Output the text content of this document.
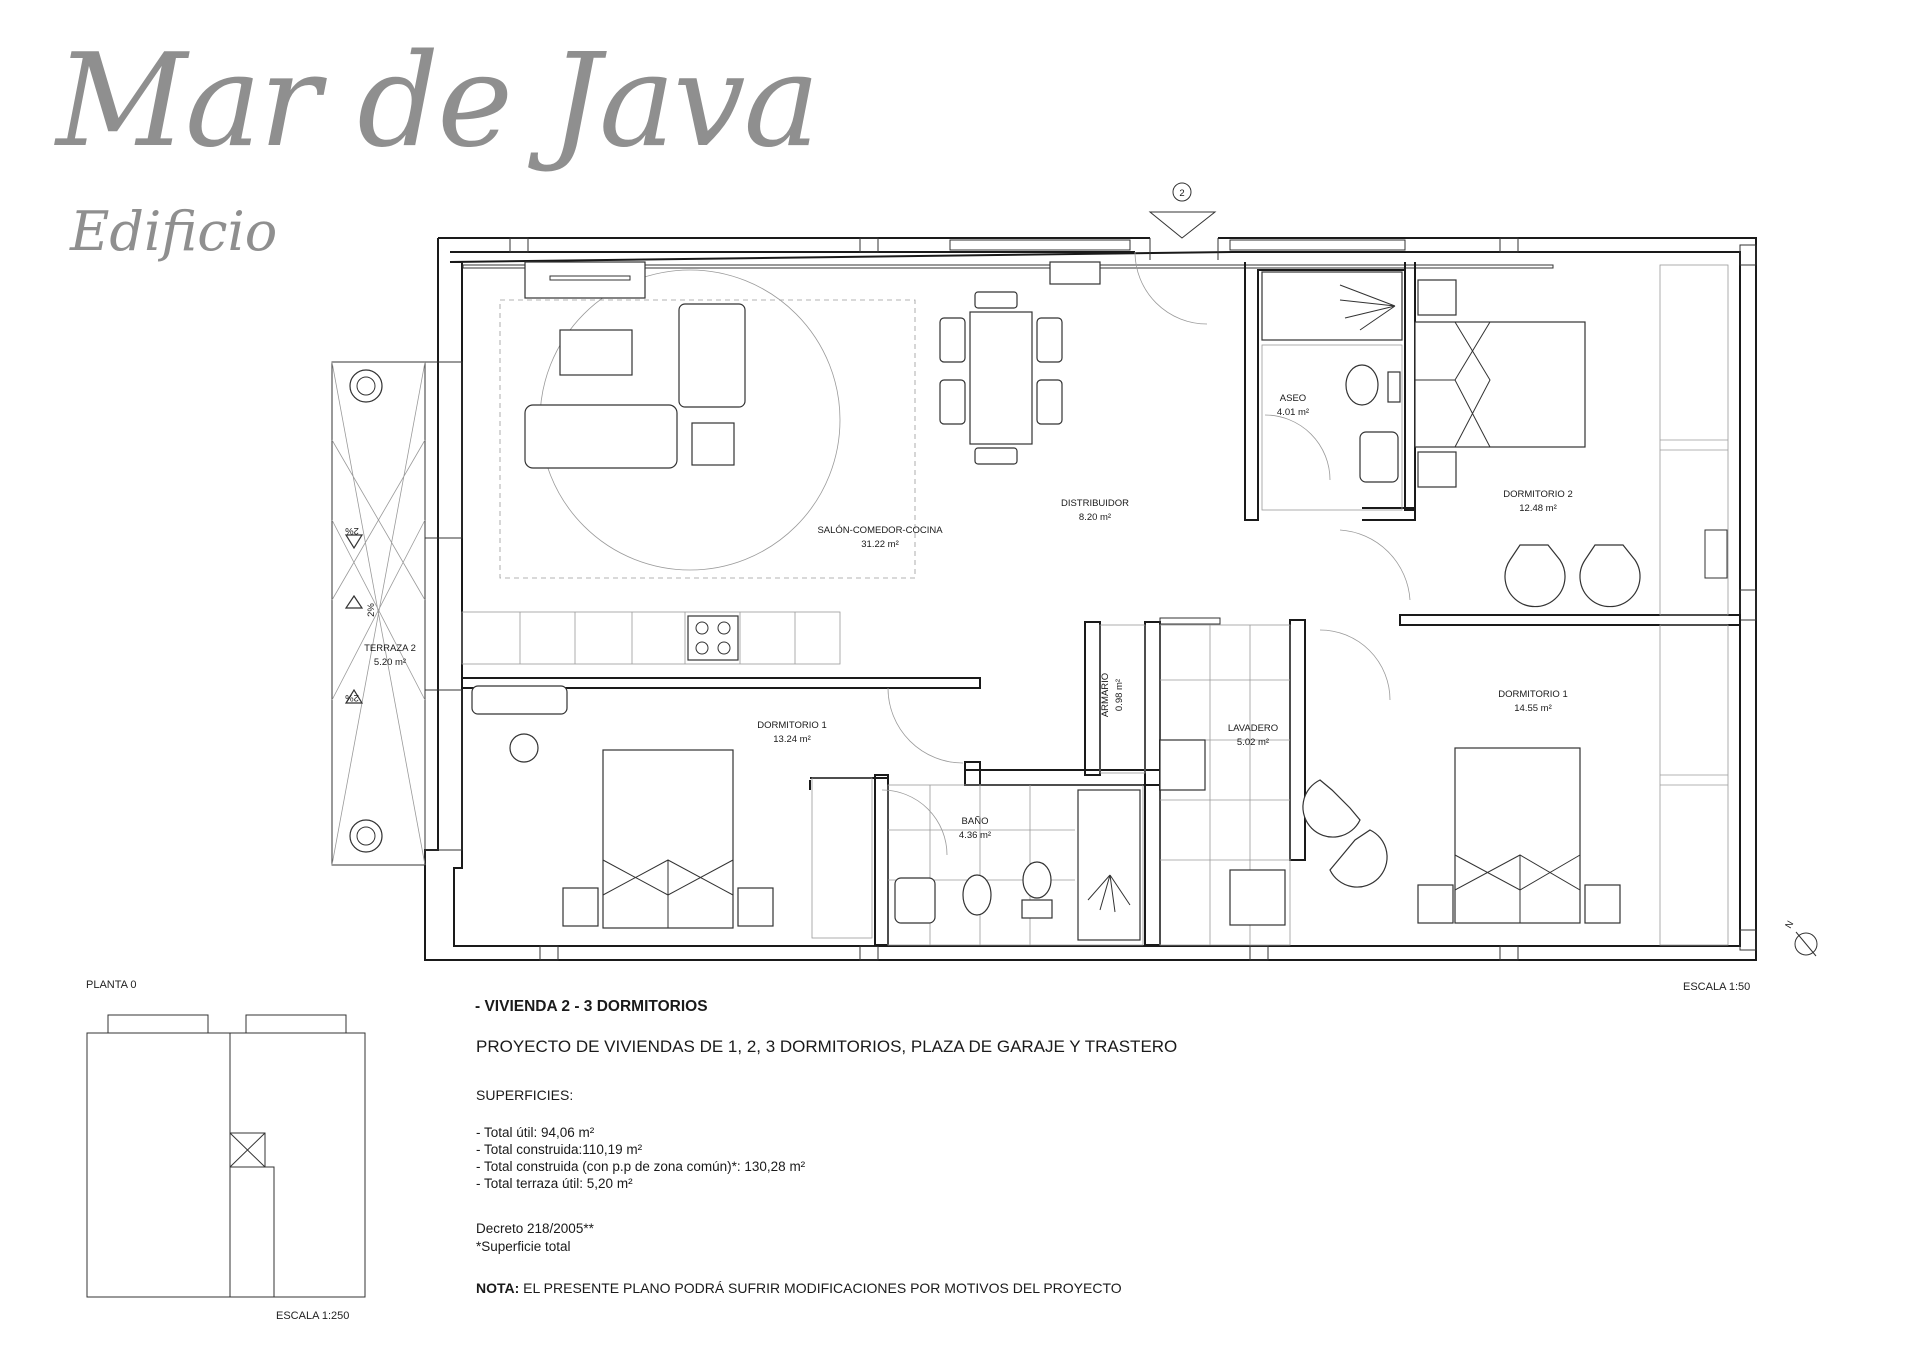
Mar de Java
Edificio
SALÓN-COMEDOR-COCINA
31.22 m²
DISTRIBUIDOR
8.20 m²
ASEO
4.01 m²
DORMITORIO 2
12.48 m²
TERRAZA 2
5.20 m²
DORMITORIO 1
13.24 m²
BAÑO
4.36 m²
LAVADERO
5.02 m²
DORMITORIO 1
14.55 m²
ARMARIO 0.98 m²
2%
2%
2%
2
N
PLANTA 0
ESCALA 1:250
ESCALA 1:50
- VIVIENDA 2 - 3 DORMITORIOS
PROYECTO DE VIVIENDAS DE 1, 2, 3 DORMITORIOS, PLAZA DE GARAJE Y TRASTERO
SUPERFICIES:
- Total útil: 94,06 m²
- Total construida:110,19 m²
- Total construida (con p.p de zona común)*: 130,28 m²
- Total terraza útil: 5,20 m²
Decreto 218/2005**
*Superficie total
NOTA: EL PRESENTE PLANO PODRÁ SUFRIR MODIFICACIONES POR MOTIVOS DEL PROYECTO
